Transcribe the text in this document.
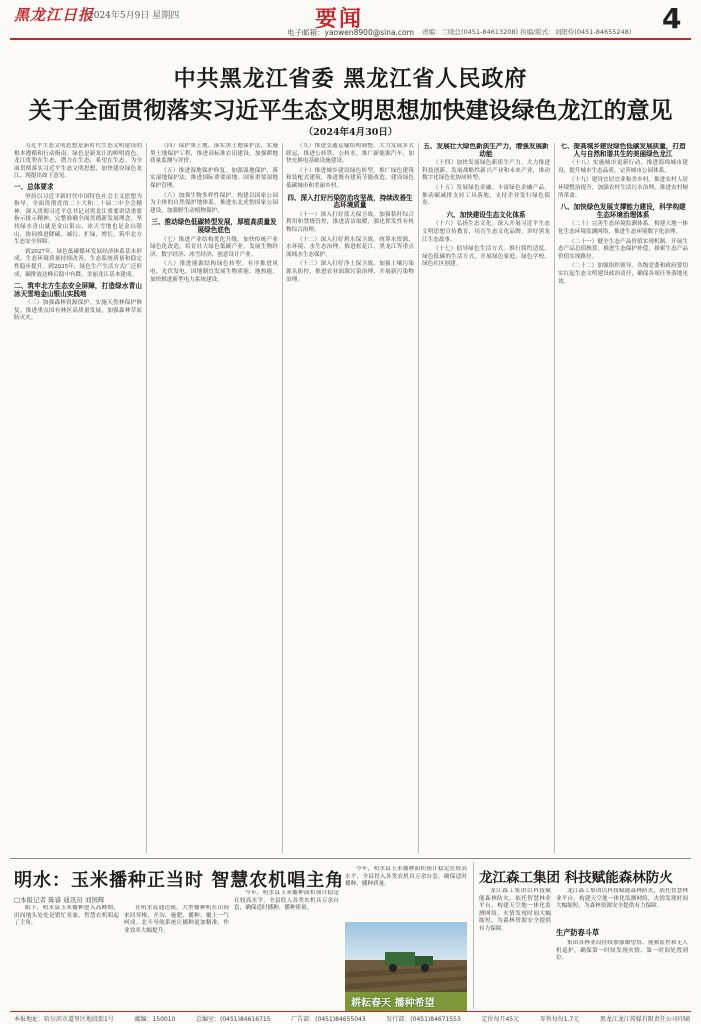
黑龙江日报
2024年5月9日 星期四	要闻
电子邮箱：yaowen8900@sina.com 责编：兰晓总(0451-84613208) 执编/版式：刘阳伶(0451-84655248) 4
中共黑龙江省委 黑龙江省人民政府
关于全面贯彻落实习近平生态文明思想加快建设绿色龙江的意见
（2024年4月30日）

习近平生态文明思想是新时代生态文明建设的根本遵循和行动指南。绿色是新龙江的鲜明底色，龙江优势在生态，潜力在生态，希望在生态。为全面贯彻落实习近平生态文明思想，加快建设绿色龙江，现提出如下意见。

一、总体要求

坚持以习近平新时代中国特色社会主义思想为指导，全面贯彻党的二十大和二十届二中全会精神，深入贯彻习近平总书记对黑龙江重要讲话重要指示批示精神，完整准确全面贯彻新发展理念，坚持绿水青山就是金山银山、冰天雪地也是金山银山，协同推进降碳、减污、扩绿、增长，筑牢北方生态安全屏障。

到2027年，绿色低碳循环发展经济体系基本形成，生态环境质量持续改善，生态系统质量和稳定性稳步提升。到2035年，绿色生产生活方式广泛形成，碳排放达峰后稳中有降，美丽龙江基本建成。

二、筑牢北方生态安全屏障，打造绿水青山冰天雪地金山银山实践地

（三）加强森林资源保护。实施天然林保护修复，推进重点国有林区高质量发展，加强森林草原防灭火。

（四）保护黑土地。落实黑土地保护法，实施黑土地保护工程，推进高标准农田建设，加强耕地质量监测与评价。

（五）推进湿地保护修复。加强湿地保护，落实湿地保护法，推进国际重要湿地、国家重要湿地保护管理。

（六）加强生物多样性保护。构建以国家公园为主体的自然保护地体系，推进东北虎豹国家公园建设，加强野生动植物保护。

三、推动绿色低碳转型发展，厚植高质量发展绿色底色

（七）推进产业结构优化升级。加快传统产业绿色化改造，培育壮大绿色低碳产业，发展生物经济、数字经济、冰雪经济、创意设计产业。

（八）推进能源结构绿色转型。有序推进风电、光伏发电，因地制宜发展生物质能、地热能，加快推进新型电力系统建设。

（九）推进交通运输结构调整。大力发展多式联运，推进公转铁、公转水，推广新能源汽车，加快充换电基础设施建设。

（十）推进城乡建设绿色转型。推广绿色建筑和装配式建筑，推进既有建筑节能改造，建设绿色低碳城市和美丽乡村。

四、深入打好污染防治攻坚战，持续改善生态环境质量

（十一）深入打好蓝天保卫战。加强秸秆综合利用和禁烧管控，推进清洁取暖，强化挥发性有机物综合治理。

（十二）深入打好碧水保卫战。统筹水资源、水环境、水生态治理，推进松花江、黑龙江等重点流域水生态保护。

（十三）深入打好净土保卫战。加强土壤污染源头防控，推进农业面源污染治理，开展新污染物治理。

五、发展壮大绿色新质生产力，增强发展新动能

（十四）加快发展绿色新质生产力。大力推进科技创新，发展战略性新兴产业和未来产业，推动数字化绿色化协同转型。

（十五）发展绿色金融。丰富绿色金融产品，推动碳减排支持工具落地，支持企业发行绿色债券。

六、加快建设生态文化体系

（十六）弘扬生态文化。深入开展习近平生态文明思想宣传教育，培育生态文化品牌，讲好黑龙江生态故事。

（十七）倡导绿色生活方式。推行简约适度、绿色低碳的生活方式，开展绿色家庭、绿色学校、绿色社区创建。

七、提高城乡建设绿色低碳发展质量，打造人与自然和谐共生的美丽绿色龙江

（十八）实施城市更新行动。推进海绵城市建设，提升城市生态品质，完善城市公园体系。

（十九）建设宜居宜业和美乡村。推进农村人居环境整治提升，加强农村生活污水治理，推进农村厕所革命。

八、加快绿色发展支撑能力建设，科学构建生态环境治理体系

（二十）完善生态环境监测体系。构建天地一体化生态环境监测网络，推进生态环境数字化治理。

（二十一）健全生态产品价值实现机制。开展生态产品总值核算，推进生态保护补偿，探索生态产品价值实现路径。

（二十二）加强组织领导。各级党委和政府要切实扛起生态文明建设政治责任，确保各项任务落地见效。

明水：玉米播种正当时 智慧农机唱主角
□本报记者 陈睿 通讯员 刘国辉

眼下，明水县玉米播种进入高峰期，田间地头处处是繁忙景象，智慧农机唱起了主角。

在明水县通达镇，大型播种机在田间来回穿梭，开沟、施肥、播种、覆土一气呵成。北斗导航系统让播种更加精准，作业效率大幅提升。

今年，明水县玉米播种面积预计稳定在较高水平，全县投入各类农机具万余台套，确保适时播种、播种质量。

今年，明水县玉米播种面积预计稳定在较高水平，全县投入各类农机具万余台套，确保适时播种、播种质量。

耕耘春天 播种希望
龙江森工集团 科技赋能森林防火

龙江森工集团以科技赋能森林防火，依托智慧林业平台，构建天空地一体化监测网络，火情发现时间大幅缩短，为森林资源安全提供有力保障。

龙江森工集团以科技赋能森林防火，依托智慧林业平台，构建天空地一体化监测网络，火情发现时间大幅缩短，为森林资源安全提供有力保障。

生产防春斗草

集团各林业局持续加强瞭望塔、视频监控和无人机巡护，确保第一时间发现火情、第一时间处置到位。

本报地址：哈尔滨市道里区地段街1号	邮编：150010	总编室：(0451)84616715	广告部：(0451)84655043	发行部：(0451)84671553	定价每月45元	零售每份1.7元	黑龙江龙江传媒有限责任公司印刷
